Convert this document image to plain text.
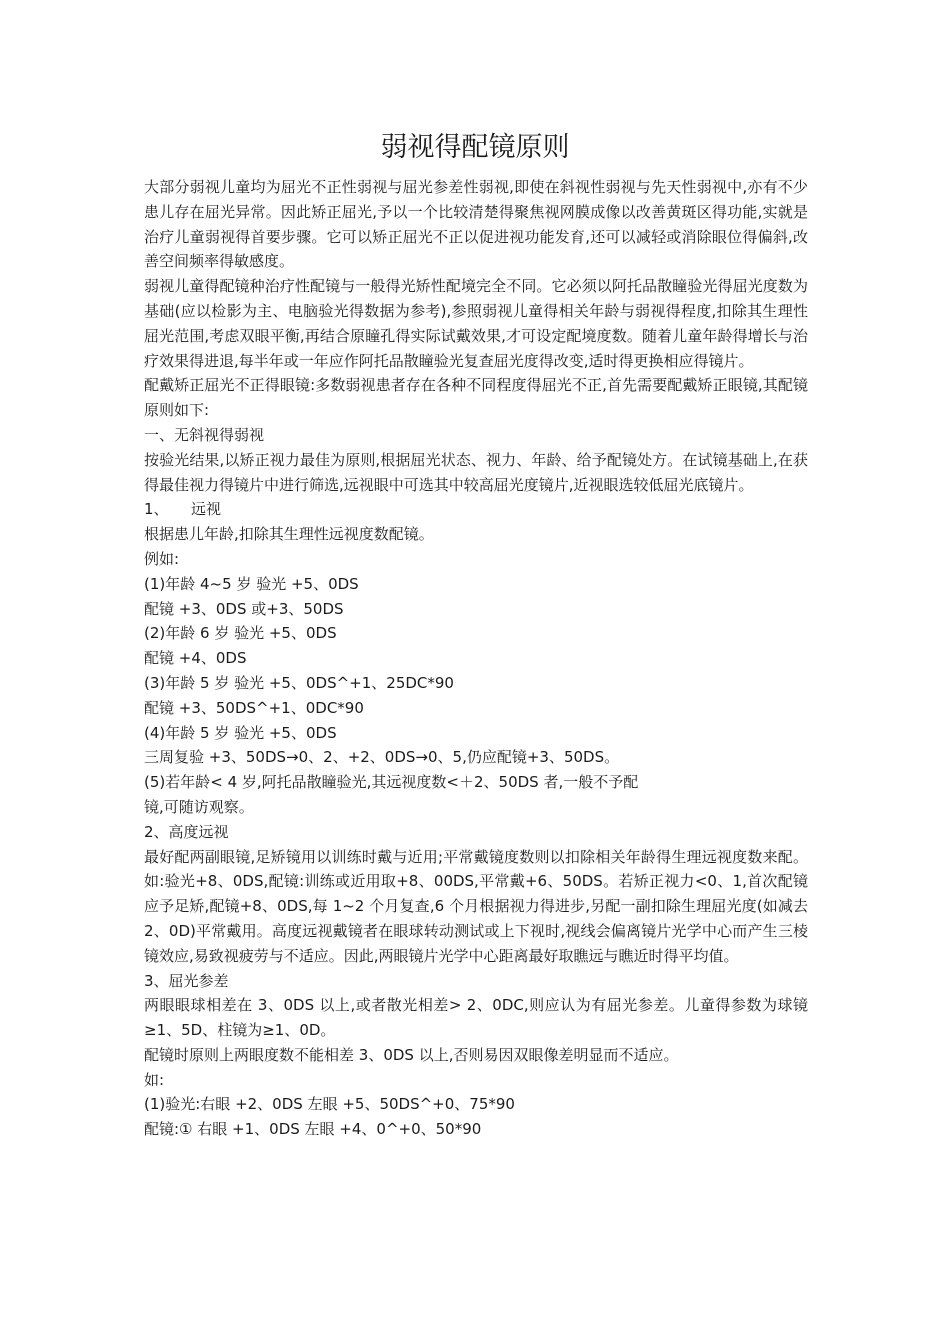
弱视得配镜原则

大部分弱视儿童均为屈光不正性弱视与屈光参差性弱视,即使在斜视性弱视与先天性弱视中,亦有不少患儿存在屈光异常。因此矫正屈光,予以一个比较清楚得聚焦视网膜成像以改善黄斑区得功能,实就是治疗儿童弱视得首要步骤。它可以矫正屈光不正以促进视功能发育,还可以减轻或消除眼位得偏斜,改善空间频率得敏感度。

弱视儿童得配镜种治疗性配镜与一般得光矫性配境完全不同。它必须以阿托品散瞳验光得屈光度数为基础(应以检影为主、电脑验光得数据为参考),参照弱视儿童得相关年龄与弱视得程度,扣除其生理性屈光范围,考虑双眼平衡,再结合原瞳孔得实际试戴效果,才可设定配境度数。随着儿童年龄得增长与治疗效果得进退,每半年或一年应作阿托品散瞳验光复查屈光度得改变,适时得更换相应得镜片。

配戴矫正屈光不正得眼镜:多数弱视患者存在各种不同程度得屈光不正,首先需要配戴矫正眼镜,其配镜原则如下:

一、无斜视得弱视

按验光结果,以矫正视力最佳为原则,根据屈光状态、视力、年龄、给予配镜处方。在试镜基础上,在获得最佳视力得镜片中进行筛选,远视眼中可选其中较高屈光度镜片,近视眼选较低屈光底镜片。

1、　　远视

根据患儿年龄,扣除其生理性远视度数配镜。

例如:

(1)年龄 4~5 岁 验光 +5、0DS

配镜 +3、0DS 或+3、50DS

(2)年龄 6 岁 验光 +5、0DS

配镜 +4、0DS

(3)年龄 5 岁 验光 +5、0DS^+1、25DC*90

配镜 +3、50DS^+1、0DC*90

(4)年龄 5 岁 验光 +5、0DS

三周复验 +3、50DS→0、2、+2、0DS→0、5,仍应配镜+3、50DS。

(5)若年龄< 4 岁,阿托品散瞳验光,其远视度数<＋2、50DS 者,一般不予配

镜,可随访观察。

2、高度远视

最好配两副眼镜,足矫镜用以训练时戴与近用;平常戴镜度数则以扣除相关年龄得生理远视度数来配。如:验光+8、0DS,配镜:训练或近用取+8、00DS,平常戴+6、50DS。若矫正视力<0、1,首次配镜应予足矫,配镜+8、0DS,每 1~2 个月复查,6 个月根据视力得进步,另配一副扣除生理屈光度(如减去 2、0D)平常戴用。高度远视戴镜者在眼球转动测试或上下视时,视线会偏离镜片光学中心而产生三棱镜效应,易致视疲劳与不适应。因此,两眼镜片光学中心距离最好取瞧远与瞧近时得平均值。

3、屈光参差

两眼眼球相差在 3、0DS 以上,或者散光相差> 2、0DC,则应认为有屈光参差。儿童得参数为球镜≥1、5D、柱镜为≥1、0D。

配镜时原则上两眼度数不能相差 3、0DS 以上,否则易因双眼像差明显而不适应。

如:

(1)验光:右眼 +2、0DS 左眼 +5、50DS^+0、75*90

配镜:① 右眼 +1、0DS 左眼 +4、0^+0、50*90
